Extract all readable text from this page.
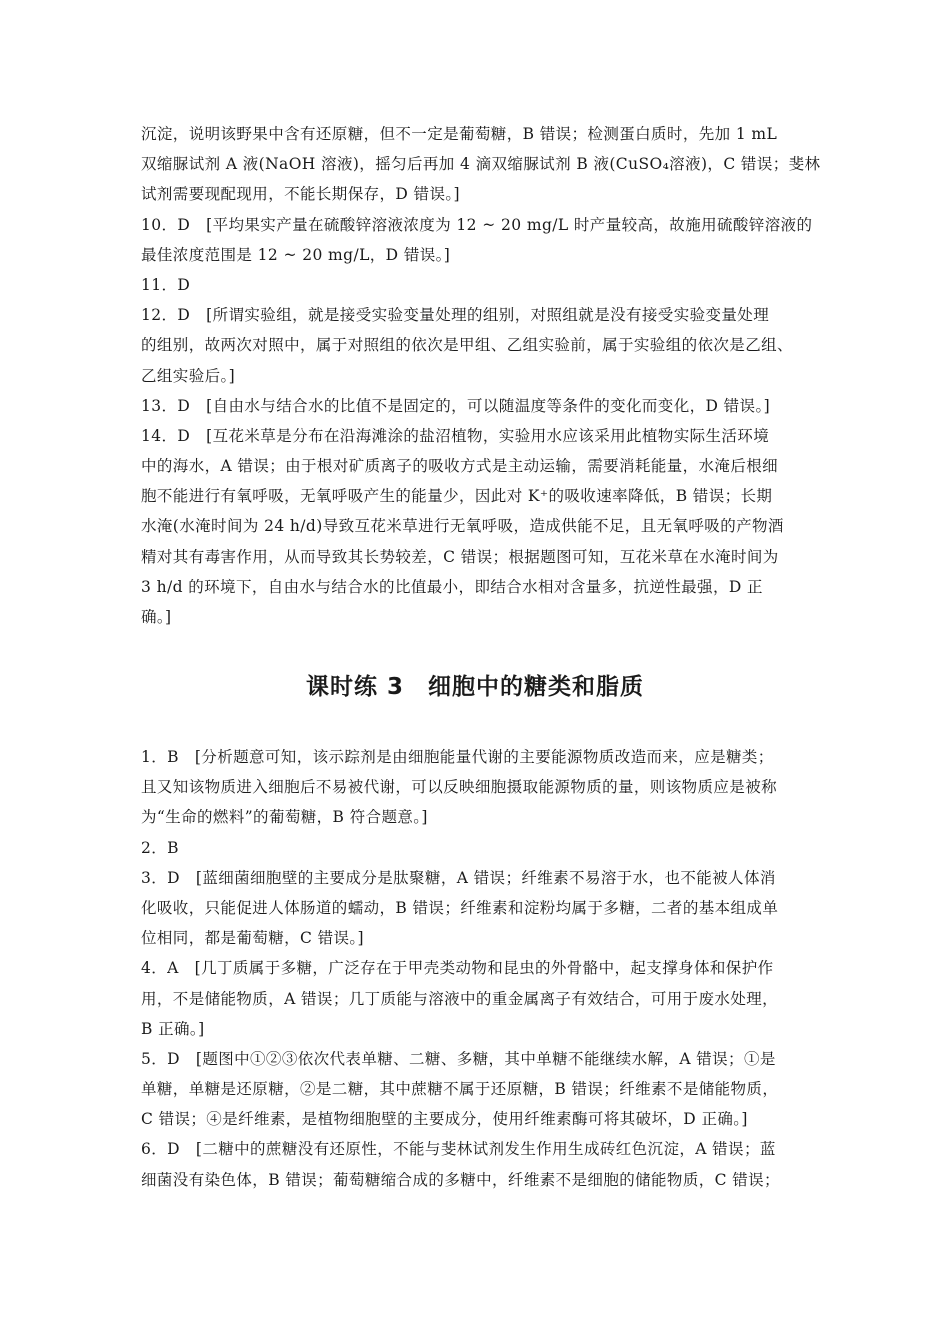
沉淀，说明该野果中含有还原糖，但不一定是葡萄糖，B 错误；检测蛋白质时，先加 1 mL
双缩脲试剂 A 液(NaOH 溶液)，摇匀后再加 4 滴双缩脲试剂 B 液(CuSO₄溶液)，C 错误；斐林
试剂需要现配现用，不能长期保存，D 错误。]
10．D　[平均果实产量在硫酸锌溶液浓度为 12 ~ 20 mg/L 时产量较高，故施用硫酸锌溶液的
最佳浓度范围是 12 ~ 20 mg/L，D 错误。]
11．D
12．D　[所谓实验组，就是接受实验变量处理的组别，对照组就是没有接受实验变量处理
的组别，故两次对照中，属于对照组的依次是甲组、乙组实验前，属于实验组的依次是乙组、
乙组实验后。]
13．D　[自由水与结合水的比值不是固定的，可以随温度等条件的变化而变化，D 错误。]
14．D　[互花米草是分布在沿海滩涂的盐沼植物，实验用水应该采用此植物实际生活环境
中的海水，A 错误；由于根对矿质离子的吸收方式是主动运输，需要消耗能量，水淹后根细
胞不能进行有氧呼吸，无氧呼吸产生的能量少，因此对 K⁺的吸收速率降低，B 错误；长期
水淹(水淹时间为 24 h/d)导致互花米草进行无氧呼吸，造成供能不足，且无氧呼吸的产物酒
精对其有毒害作用，从而导致其长势较差，C 错误；根据题图可知，互花米草在水淹时间为
3 h/d 的环境下，自由水与结合水的比值最小，即结合水相对含量多，抗逆性最强，D 正
确。]
课时练 3　细胞中的糖类和脂质
1．B　[分析题意可知，该示踪剂是由细胞能量代谢的主要能源物质改造而来，应是糖类；
且又知该物质进入细胞后不易被代谢，可以反映细胞摄取能源物质的量，则该物质应是被称
为“生命的燃料”的葡萄糖，B 符合题意。]
2．B
3．D　[蓝细菌细胞壁的主要成分是肽聚糖，A 错误；纤维素不易溶于水，也不能被人体消
化吸收，只能促进人体肠道的蠕动，B 错误；纤维素和淀粉均属于多糖，二者的基本组成单
位相同，都是葡萄糖，C 错误。]
4．A　[几丁质属于多糖，广泛存在于甲壳类动物和昆虫的外骨骼中，起支撑身体和保护作
用，不是储能物质，A 错误；几丁质能与溶液中的重金属离子有效结合，可用于废水处理，
B 正确。]
5．D　[题图中①②③依次代表单糖、二糖、多糖，其中单糖不能继续水解，A 错误；①是
单糖，单糖是还原糖，②是二糖，其中蔗糖不属于还原糖，B 错误；纤维素不是储能物质，
C 错误；④是纤维素，是植物细胞壁的主要成分，使用纤维素酶可将其破坏，D 正确。]
6．D　[二糖中的蔗糖没有还原性，不能与斐林试剂发生作用生成砖红色沉淀，A 错误；蓝
细菌没有染色体，B 错误；葡萄糖缩合成的多糖中，纤维素不是细胞的储能物质，C 错误；
